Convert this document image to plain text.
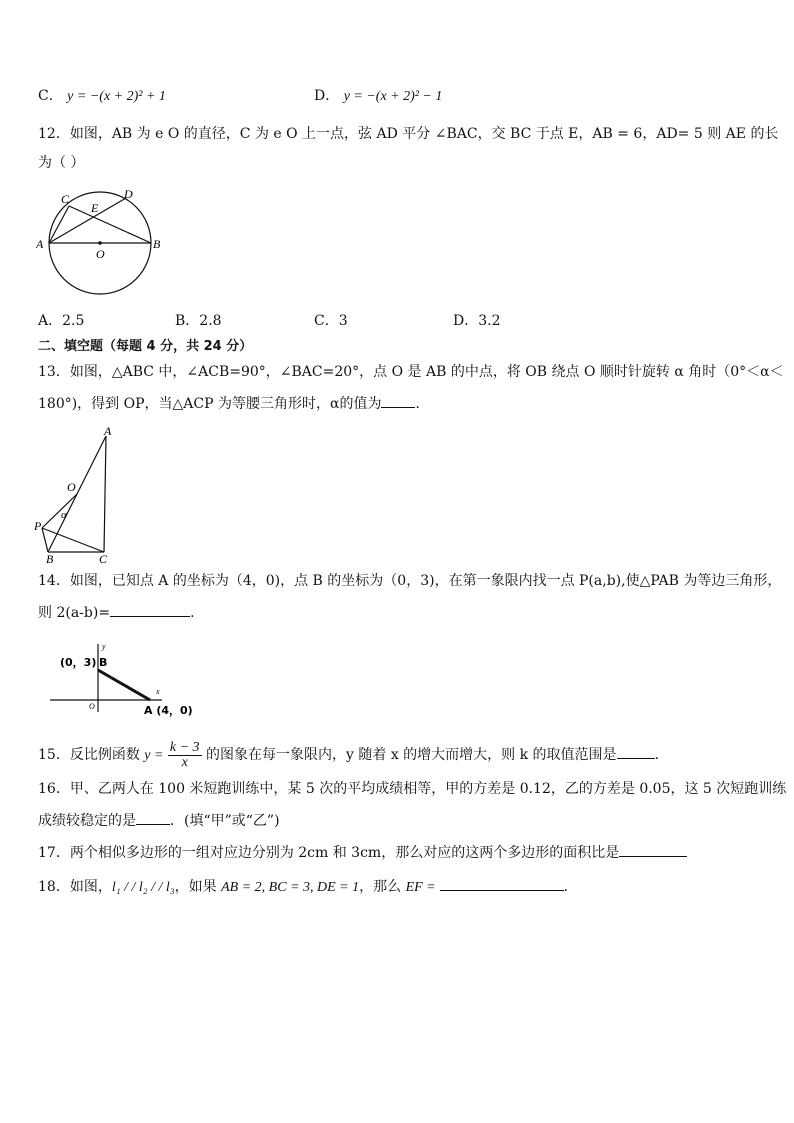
C． y = −(x + 2)² + 1	D． y = −(x + 2)² − 1
12．如图，AB 为 e O 的直径，C 为 e O 上一点，弦 AD 平分 ∠BAC，交 BC 于点 E，AB = 6，AD= 5 则 AE 的长
为（ ）
A	B
C	D
E
O
A．2.5	B．2.8	C．3	D．3.2
二、填空题（每题 4 分，共 24 分）
13．如图，△ABC 中，∠ACB=90°，∠BAC=20°，点 O 是 AB 的中点，将 OB 绕点 O 顺时针旋转 α 角时（0°＜α＜
180°)，得到 OP，当△ACP 为等腰三角形时，α的值为 ．
A
O
α
P
B	C
14．如图，已知点 A 的坐标为（4，0)，点 B 的坐标为（0，3)，在第一象限内找一点 P(a,b),使△PAB 为等边三角形，
则 2(a-b)=	．
y
x
O
(0，3) B
A (4，0)
15．反比例函数 $y = \frac{k - 3}{x}$ 的图象在每一象限内，y 随着 x 的增大而增大，则 k 的取值范围是	.
16．甲、乙两人在 100 米短跑训练中，某 5 次的平均成绩相等，甲的方差是 0.12，乙的方差是 0.05，这 5 次短跑训练
成绩较稳定的是 ．(填“甲”或“乙”)
17．两个相似多边形的一组对应边分别为 2cm 和 3cm，那么对应的这两个多边形的面积比是
18．如图，l₁ / / l₂ / / l₃，如果 AB = 2, BC = 3, DE = 1，那么 EF =	．
